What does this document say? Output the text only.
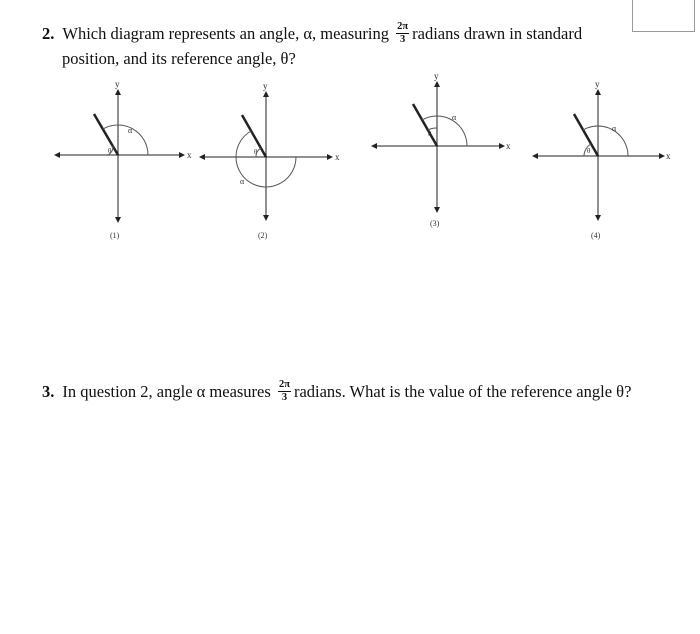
2. Which diagram represents an angle, α, measuring $\frac{2\pi}{3}$ radians drawn in standard
position, and its reference angle, θ?
x
y
α
θ
(1)
x
y
α
θ
(2)
x
y
α
θ
(3)
x
y
α
θ
(4)
3. In question 2, angle α measures $\frac{2\pi}{3}$ radians. What is the value of the reference angle θ?
